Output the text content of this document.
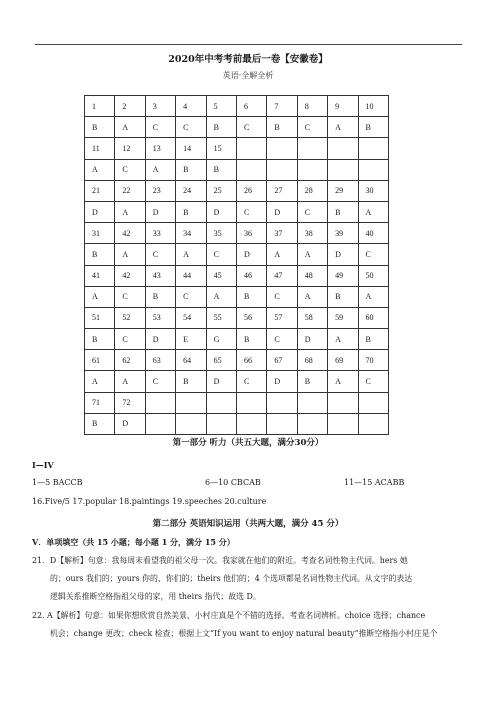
2020年中考考前最后一卷【安徽卷】
英语·全解全析
1	2	3	4	5	6	7	8	9	10
B	A	C	C	B	C	B	C	A	B
11	12	13	14	15					
A	C	A	B	B					
21	22	23	24	25	26	27	28	29	30
D	A	D	B	D	C	D	C	B	A
31	42	33	34	35	36	37	38	39	40
B	A	C	A	C	D	A	A	D	C
41	42	43	44	45	46	47	48	49	50
A	C	B	C	A	B	C	A	B	A
51	52	53	54	55	56	57	58	59	60
B	C	D	E	G	B	C	D	A	B
61	62	63	64	65	66	67	68	69	70
A	A	C	B	D	C	D	B	A	C
71	72								
B	D								
第一部分 听力（共五大题，满分30分）
I—IV
1—5 BACCB	6—10 CBCAB	11—15 ACABB
16.Five/5 17.popular 18.paintings 19.speeches 20.culture
第二部分 英语知识运用（共两大题，满分 45 分）
V．单项填空（共 15 小题；每小题 1 分，满分 15 分）
21．D【解析】句意：我每周末看望我的祖父母一次。我家就在他们的附近。考查名词性物主代词。hers 她
的；ours 我们的；yours 你的、你们的；theirs 他们的；4 个选项都是名词性物主代词。从文字的表达
逻辑关系推断空格指祖父母的家，用 theirs 指代；故选 D。
22. A【解析】句意：如果你想欣赏自然美景，小村庄真是个不错的选择。考查名词辨析。choice 选择；chance
机会；change 更改；check 检查；根据上文“If you want to enjoy natural beauty”推断空格指小村庄是个
